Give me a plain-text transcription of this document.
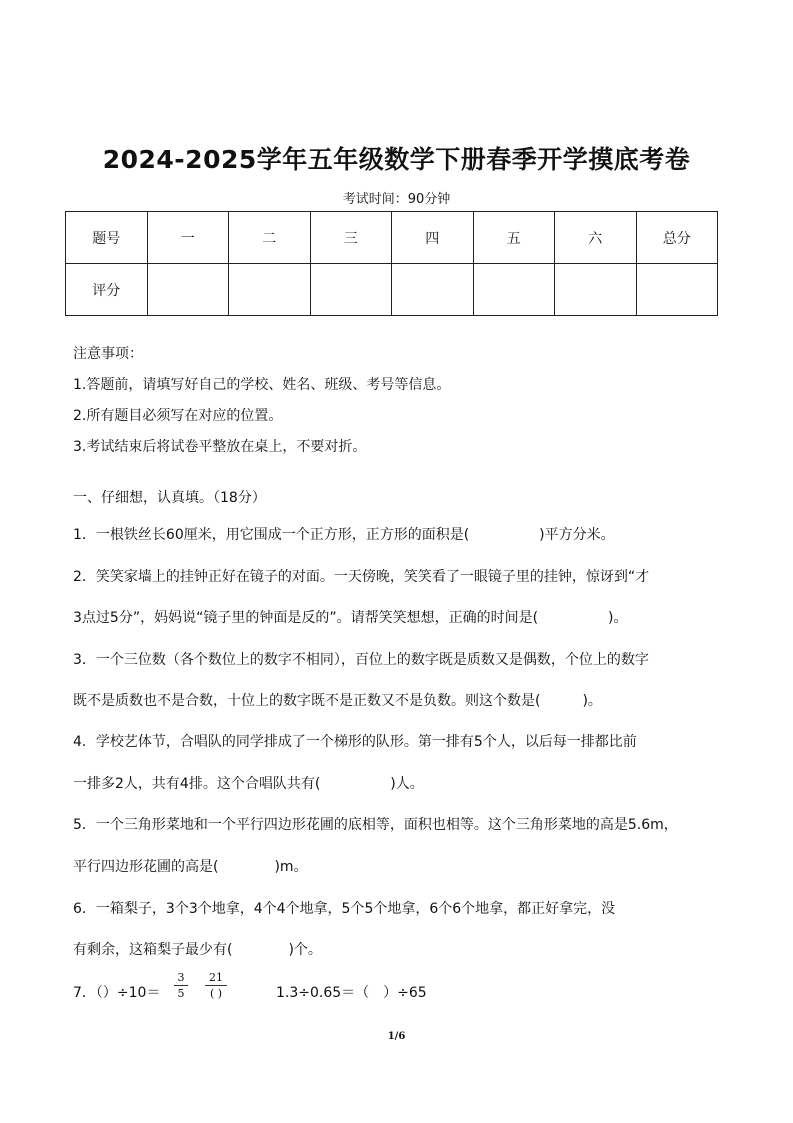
2024-2025学年五年级数学下册春季开学摸底考卷
考试时间：90分钟
题号	一	二	三	四	五	六	总分
评分							
注意事项：
1.答题前，请填写好自己的学校、姓名、班级、考号等信息。
2.所有题目必须写在对应的位置。
3.考试结束后将试卷平整放在桌上，不要对折。
一、仔细想，认真填。（18分）
1．一根铁丝长60厘米，用它围成一个正方形，正方形的面积是(　　　　　)平方分米。
2．笑笑家墙上的挂钟正好在镜子的对面。一天傍晚，笑笑看了一眼镜子里的挂钟，惊讶到“才
3点过5分”，妈妈说“镜子里的钟面是反的”。请帮笑笑想想，正确的时间是(　　　　　)。
3．一个三位数（各个数位上的数字不相同），百位上的数字既是质数又是偶数，个位上的数字
既不是质数也不是合数，十位上的数字既不是正数又不是负数。则这个数是(　　　)。
4．学校艺体节，合唱队的同学排成了一个梯形的队形。第一排有5个人，以后每一排都比前
一排多2人，共有4排。这个合唱队共有(　　　　　)人。
5．一个三角形菜地和一个平行四边形花圃的底相等，面积也相等。这个三角形菜地的高是5.6m，
平行四边形花圃的高是(　　　　)m。
6．一箱梨子，3个3个地拿，4个4个地拿，5个5个地拿，6个6个地拿，都正好拿完，没
有剩余，这箱梨子最少有(　　　　)个。
7．（）÷10＝
3
5
21
( )	1.3÷0.65＝（　）÷65
1/6
